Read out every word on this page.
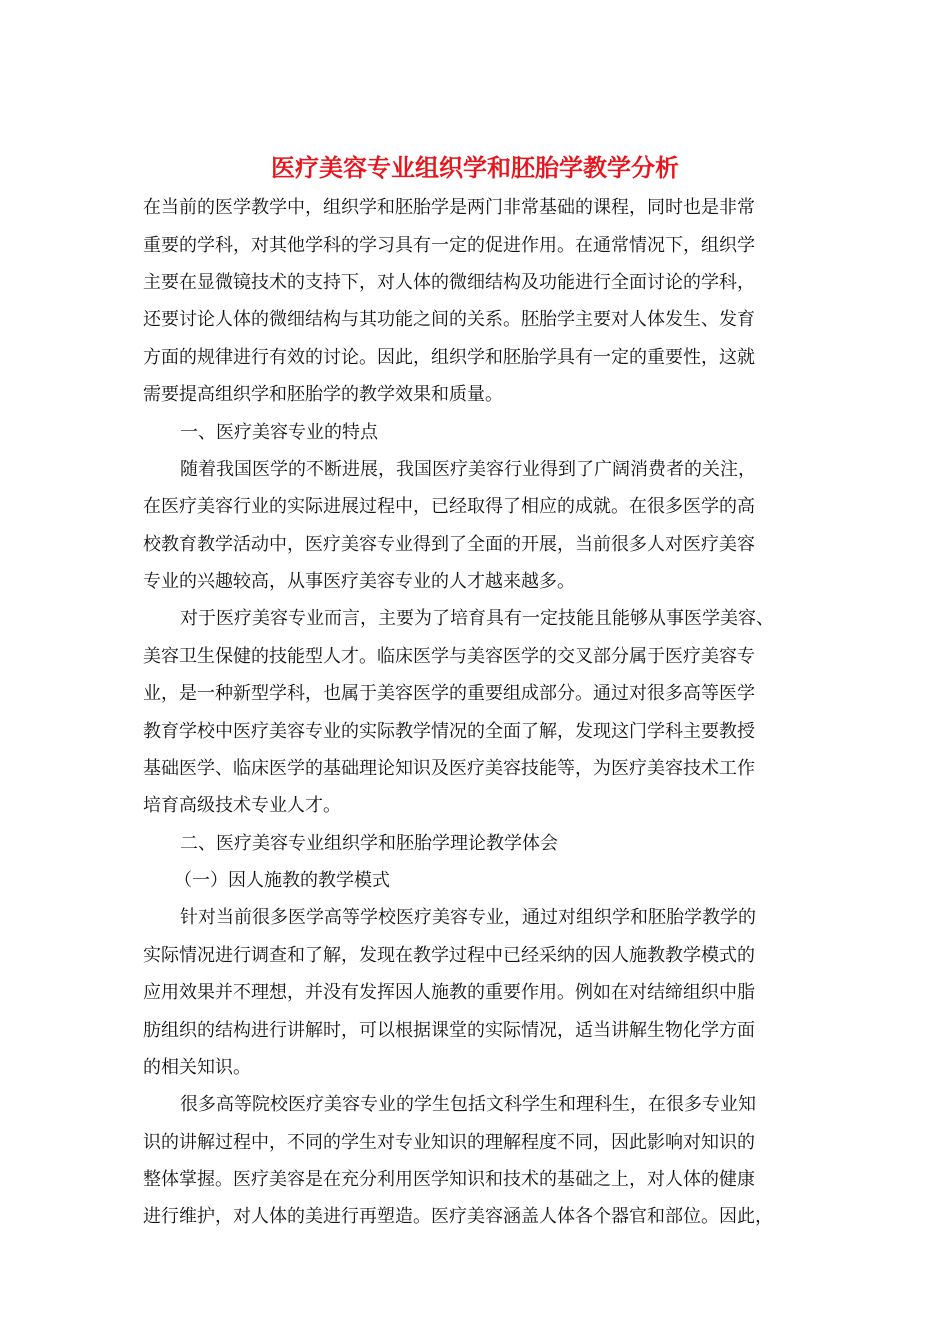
医疗美容专业组织学和胚胎学教学分析

在当前的医学教学中，组织学和胚胎学是两门非常基础的课程，同时也是非常

重要的学科，对其他学科的学习具有一定的促进作用。在通常情况下，组织学

主要在显微镜技术的支持下，对人体的微细结构及功能进行全面讨论的学科，

还要讨论人体的微细结构与其功能之间的关系。胚胎学主要对人体发生、发育

方面的规律进行有效的讨论。因此，组织学和胚胎学具有一定的重要性，这就

需要提高组织学和胚胎学的教学效果和质量。

一、医疗美容专业的特点

随着我国医学的不断进展，我国医疗美容行业得到了广阔消费者的关注，

在医疗美容行业的实际进展过程中，已经取得了相应的成就。在很多医学的高

校教育教学活动中，医疗美容专业得到了全面的开展，当前很多人对医疗美容

专业的兴趣较高，从事医疗美容专业的人才越来越多。

对于医疗美容专业而言，主要为了培育具有一定技能且能够从事医学美容、

美容卫生保健的技能型人才。临床医学与美容医学的交叉部分属于医疗美容专

业，是一种新型学科，也属于美容医学的重要组成部分。通过对很多高等医学

教育学校中医疗美容专业的实际教学情况的全面了解，发现这门学科主要教授

基础医学、临床医学的基础理论知识及医疗美容技能等，为医疗美容技术工作

培育高级技术专业人才。

二、医疗美容专业组织学和胚胎学理论教学体会

（一）因人施教的教学模式

针对当前很多医学高等学校医疗美容专业，通过对组织学和胚胎学教学的

实际情况进行调查和了解，发现在教学过程中已经采纳的因人施教教学模式的

应用效果并不理想，并没有发挥因人施教的重要作用。例如在对结缔组织中脂

肪组织的结构进行讲解时，可以根据课堂的实际情况，适当讲解生物化学方面

的相关知识。

很多高等院校医疗美容专业的学生包括文科学生和理科生，在很多专业知

识的讲解过程中，不同的学生对专业知识的理解程度不同，因此影响对知识的

整体掌握。医疗美容是在充分利用医学知识和技术的基础之上，对人体的健康

进行维护，对人体的美进行再塑造。医疗美容涵盖人体各个器官和部位。因此，
